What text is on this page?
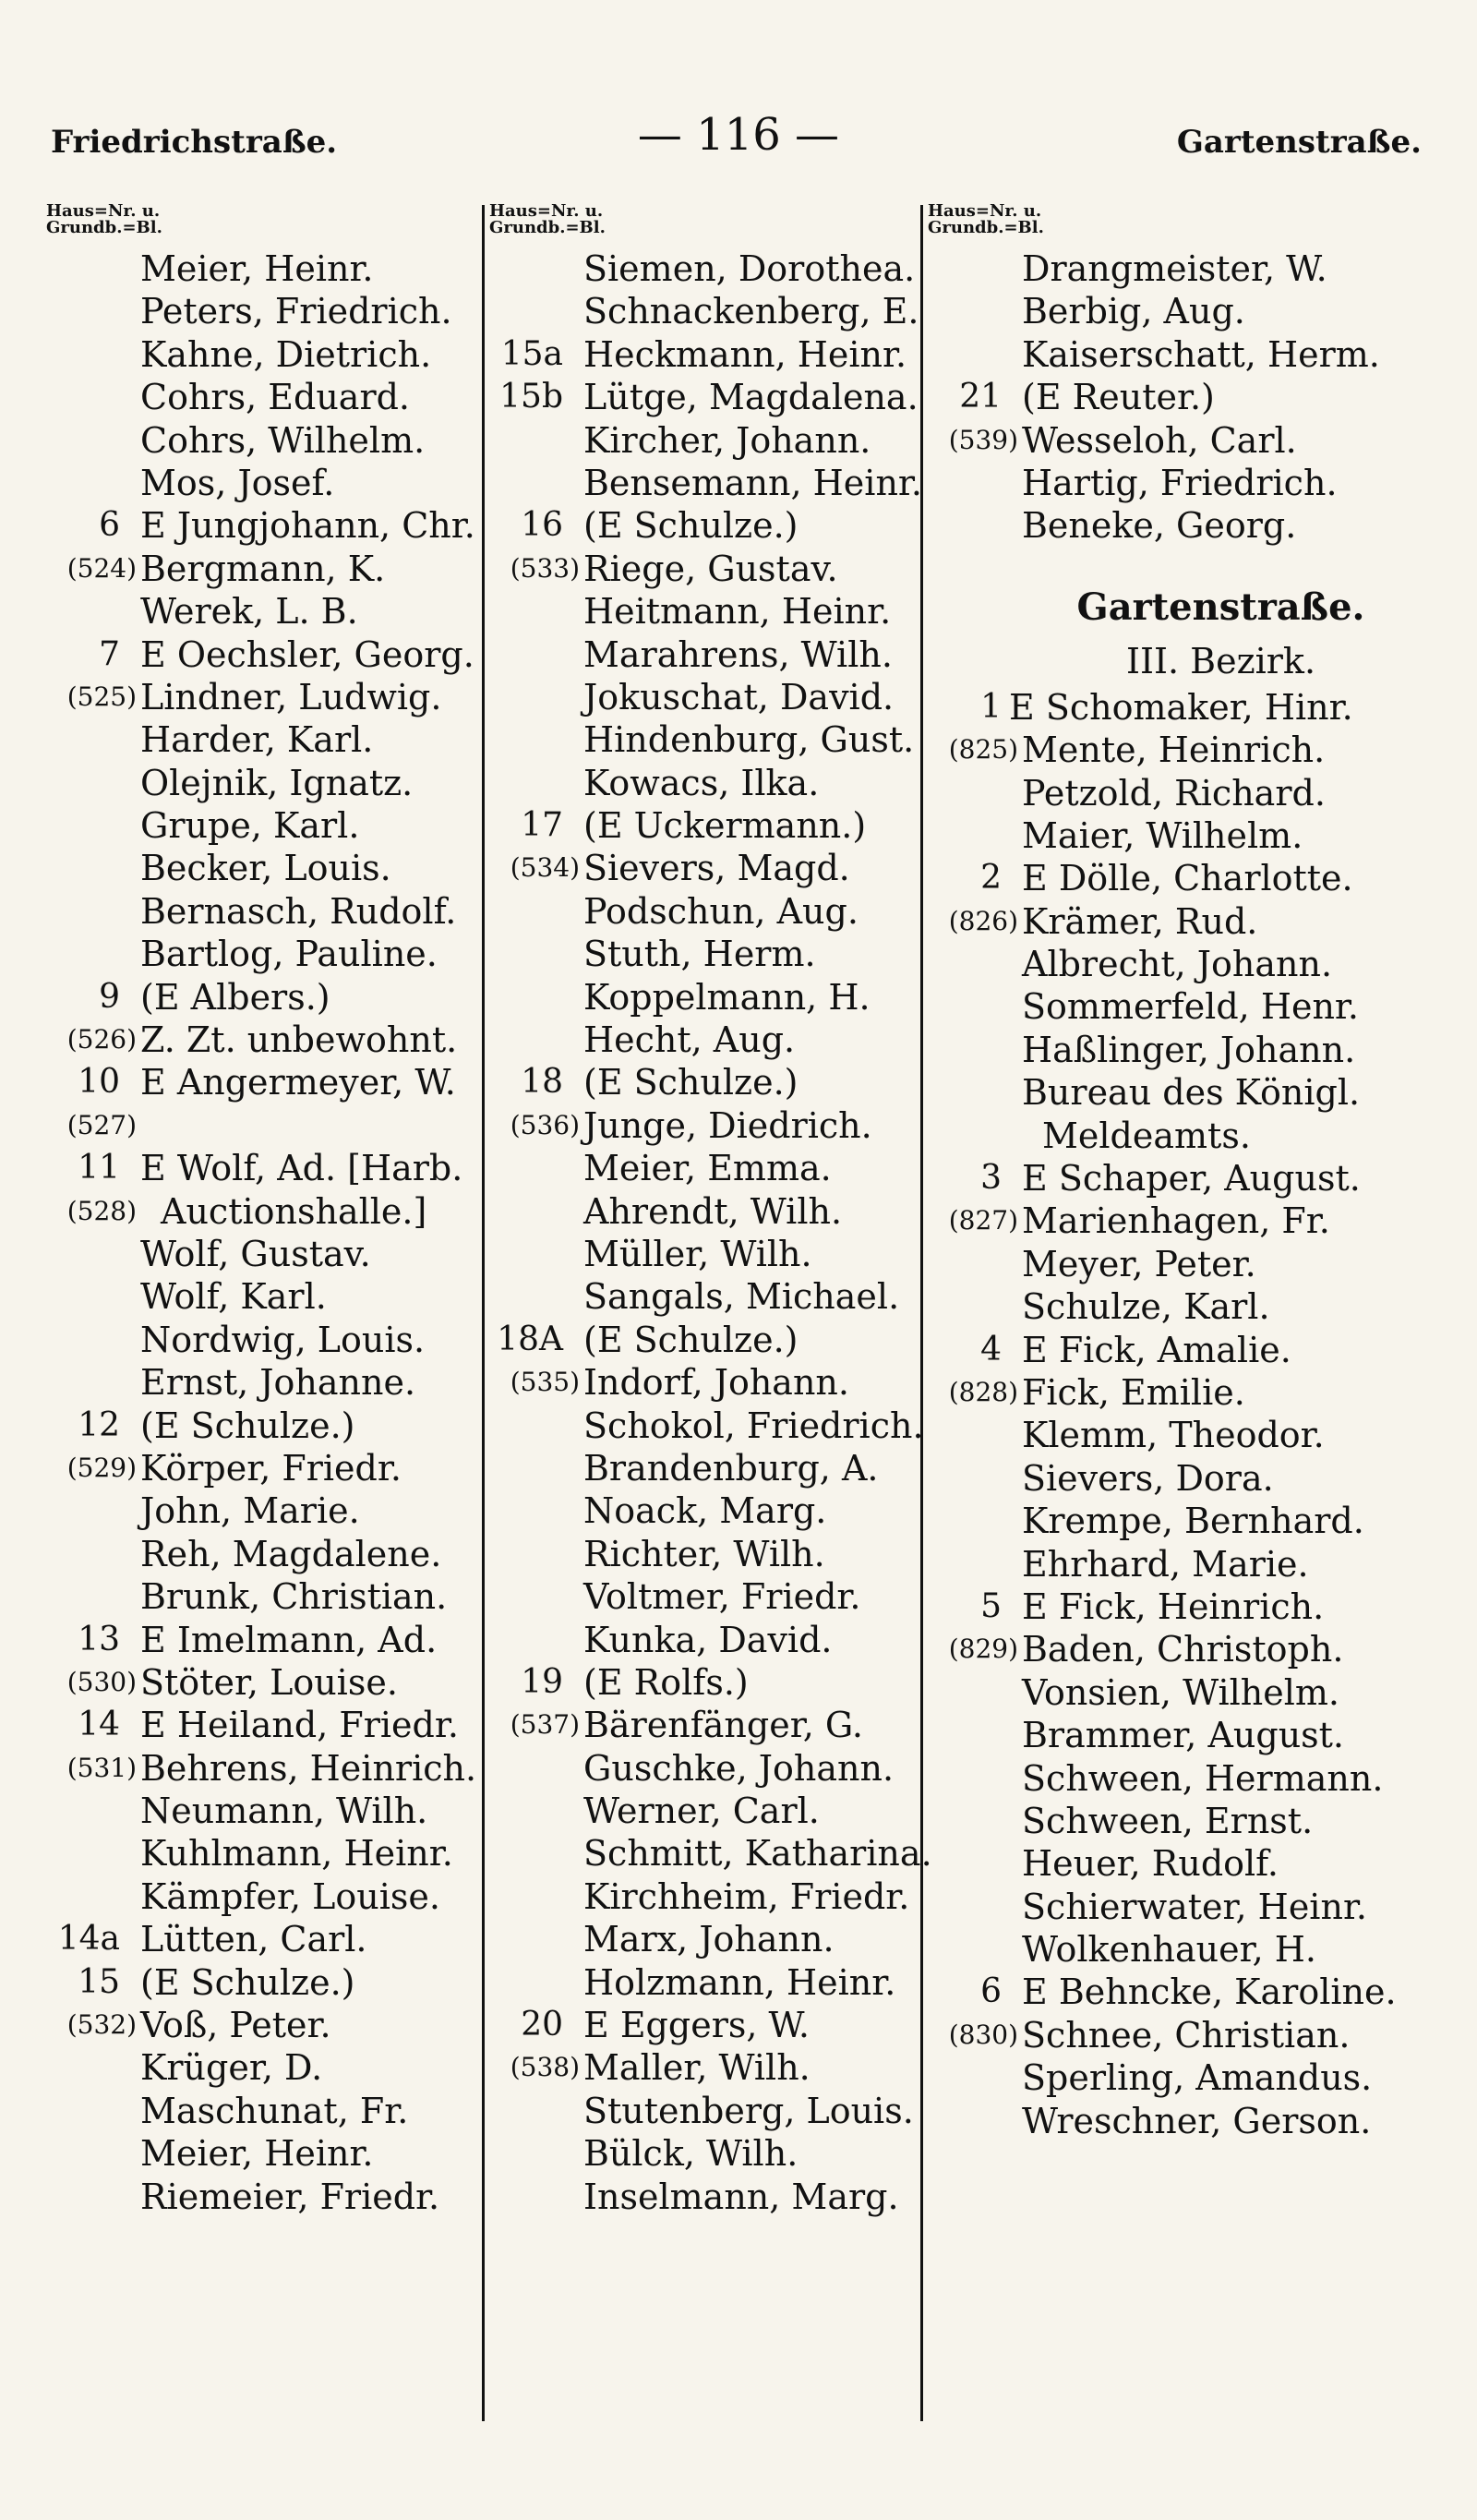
Friedrichstraße.	— 116 —	Gartenstraße.
Haus=Nr. u.
Grundb.=Bl.
Meier, Heinr.
Peters, Friedrich.
Kahne, Dietrich.
Cohrs, Eduard.
Cohrs, Wilhelm.
Mos, Josef.
6 E Jungjohann, Chr.
(524) Bergmann, K.
Werek, L. B.
7 E Oechsler, Georg.
(525) Lindner, Ludwig.
Harder, Karl.
Olejnik, Ignatz.
Grupe, Karl.
Becker, Louis.
Bernasch, Rudolf.
Bartlog, Pauline.
9 (E Albers.)
(526) Z. Zt. unbewohnt.
10 E Angermeyer, W.
(527)
11 E Wolf, Ad. [Harb.
(528) Auctionshalle.]
Wolf, Gustav.
Wolf, Karl.
Nordwig, Louis.
Ernst, Johanne.
12 (E Schulze.)
(529) Körper, Friedr.
John, Marie.
Reh, Magdalene.
Brunk, Christian.
13 E Imelmann, Ad.
(530) Stöter, Louise.
14 E Heiland, Friedr.
(531) Behrens, Heinrich.
Neumann, Wilh.
Kuhlmann, Heinr.
Kämpfer, Louise.
14a Lütten, Carl.
15 (E Schulze.)
(532) Voß, Peter.
Krüger, D.
Maschunat, Fr.
Meier, Heinr.
Riemeier, Friedr.
Haus=Nr. u.
Grundb.=Bl.
Siemen, Dorothea.
Schnackenberg, E.
15a Heckmann, Heinr.
15b Lütge, Magdalena.
Kircher, Johann.
Bensemann, Heinr.
16 (E Schulze.)
(533) Riege, Gustav.
Heitmann, Heinr.
Marahrens, Wilh.
Jokuschat, David.
Hindenburg, Gust.
Kowacs, Ilka.
17 (E Uckermann.)
(534) Sievers, Magd.
Podschun, Aug.
Stuth, Herm.
Koppelmann, H.
Hecht, Aug.
18 (E Schulze.)
(536) Junge, Diedrich.
Meier, Emma.
Ahrendt, Wilh.
Müller, Wilh.
Sangals, Michael.
18A (E Schulze.)
(535) Indorf, Johann.
Schokol, Friedrich.
Brandenburg, A.
Noack, Marg.
Richter, Wilh.
Voltmer, Friedr.
Kunka, David.
19 (E Rolfs.)
(537) Bärenfänger, G.
Guschke, Johann.
Werner, Carl.
Schmitt, Katharina.
Kirchheim, Friedr.
Marx, Johann.
Holzmann, Heinr.
20 E Eggers, W.
(538) Maller, Wilh.
Stutenberg, Louis.
Bülck, Wilh.
Inselmann, Marg.
Haus=Nr. u.
Grundb.=Bl.
Drangmeister, W.
Berbig, Aug.
Kaiserschatt, Herm.
21 (E Reuter.)
(539) Wesseloh, Carl.
Hartig, Friedrich.
Beneke, Georg.
Gartenstraße.
III. Bezirk.
1 E Schomaker, Hinr.
(825) Mente, Heinrich.
Petzold, Richard.
Maier, Wilhelm.
2 E Dölle, Charlotte.
(826) Krämer, Rud.
Albrecht, Johann.
Sommerfeld, Henr.
Haßlinger, Johann.
Bureau des Königl.
Meldeamts.
3 E Schaper, August.
(827) Marienhagen, Fr.
Meyer, Peter.
Schulze, Karl.
4 E Fick, Amalie.
(828) Fick, Emilie.
Klemm, Theodor.
Sievers, Dora.
Krempe, Bernhard.
Ehrhard, Marie.
5 E Fick, Heinrich.
(829) Baden, Christoph.
Vonsien, Wilhelm.
Brammer, August.
Schween, Hermann.
Schween, Ernst.
Heuer, Rudolf.
Schierwater, Heinr.
Wolkenhauer, H.
6 E Behncke, Karoline.
(830) Schnee, Christian.
Sperling, Amandus.
Wreschner, Gerson.
